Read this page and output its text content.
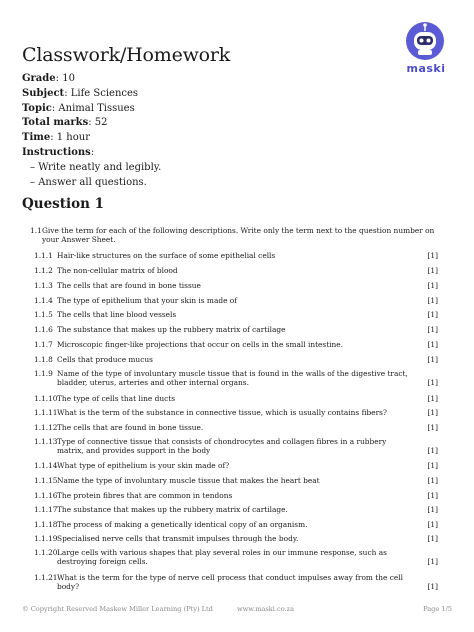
Classwork/Homework
maski
Grade: 10
Subject: Life Sciences
Topic: Animal Tissues
Total marks: 52
Time: 1 hour
Instructions:
– Write neatly and legibly.
– Answer all questions.
Question 1
1.1 Give the term for each of the following descriptions. Write only the term next to the question number on your Answer Sheet.
1.1.1 Hair-like structures on the surface of some epithelial cells	[1]
1.1.2 The non-cellular matrix of blood	[1]
1.1.3 The cells that are found in bone tissue	[1]
1.1.4 The type of epithelium that your skin is made of	[1]
1.1.5 The cells that line blood vessels	[1]
1.1.6 The substance that makes up the rubbery matrix of cartilage	[1]
1.1.7 Microscopic finger-like projections that occur on cells in the small intestine.	[1]
1.1.8 Cells that produce mucus	[1]
1.1.9 Name of the type of involuntary muscle tissue that is found in the walls of the digestive tract, bladder, uterus, arteries and other internal organs.	[1]
1.1.10 The type of cells that line ducts	[1]
1.1.11 What is the term of the substance in connective tissue, which is usually contains fibers?	[1]
1.1.12 The cells that are found in bone tissue.	[1]
1.1.13 Type of connective tissue that consists of chondrocytes and collagen fibres in a rubbery matrix, and provides support in the body	[1]
1.1.14 What type of epithelium is your skin made of?	[1]
1.1.15 Name the type of involuntary muscle tissue that makes the heart beat	[1]
1.1.16 The protein fibres that are common in tendons	[1]
1.1.17 The substance that makes up the rubbery matrix of cartilage.	[1]
1.1.18 The process of making a genetically identical copy of an organism.	[1]
1.1.19 Specialised nerve cells that transmit impulses through the body.	[1]
1.1.20 Large cells with various shapes that play several roles in our immune response, such as destroying foreign cells.	[1]
1.1.21 What is the term for the type of nerve cell process that conduct impulses away from the cell body?	[1]
© Copyright Reserved Maskew Miller Learning (Pty) Ltd	www.maski.co.za	Page 1/5
